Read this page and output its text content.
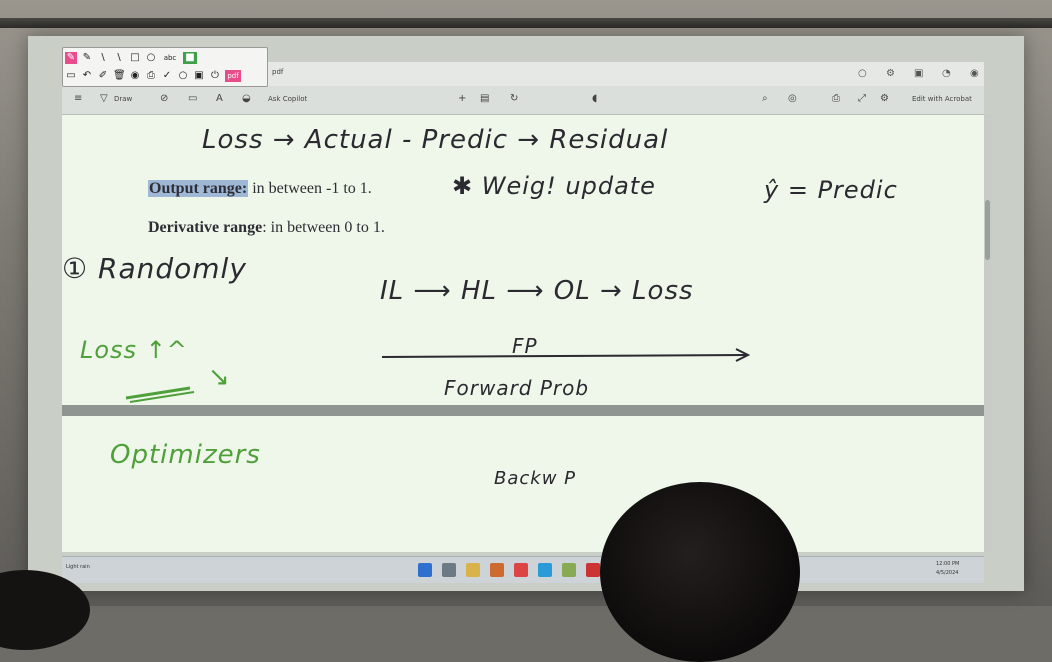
pdf	○ ⚙ ▣ ◔ ◉
≡ ▽ Draw	⊘ ▭ A ◒ Ask Copilot	+ ▤ ↻	◖	⌕ ◎	⎙ ⤢ ⚙	Edit with Acrobat
✎ ✎	\	\ □ ○	abc ■
▭ ↶ ✐ 🗑 ◉ ⎙ ✓ ○ ▣ ⏻	pdf
Loss → Actual - Predic → Residual
Output range: in between -1 to 1.	✱ Weig! update	ŷ = Predic
Derivative range: in between 0 to 1.
① Randomly
IL ⟶ HL ⟶ OL → Loss
Loss ↑^
↘
FP
Forward Prob
Optimizers
Backw P
Light rain	12:00 PM
4/5/2024
